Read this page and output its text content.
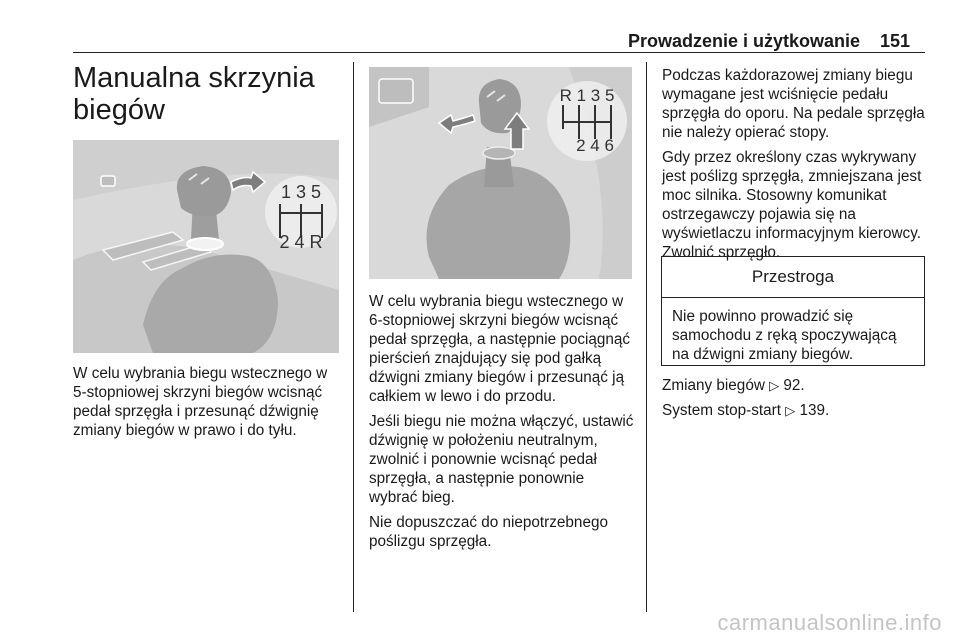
Prowadzenie i użytkowanie 151
Manualna skrzynia biegów
1 3 5
2 4 R
W celu wybrania biegu wstecznego w 5-stopniowej skrzyni biegów wcisnąć pedał sprzęgła i przesunąć dźwignię zmiany biegów w prawo i do tyłu.
R 1 3 5
2 4 6

W celu wybrania biegu wstecznego w 6-stopniowej skrzyni biegów wcisnąć pedał sprzęgła, a następnie pociągnąć pierścień znajdujący się pod gałką dźwigni zmiany biegów i przesunąć ją całkiem w lewo i do przodu.

Jeśli biegu nie można włączyć, ustawić dźwignię w położeniu neutralnym, zwolnić i ponownie wcisnąć pedał sprzęgła, a następnie ponownie wybrać bieg.

Nie dopuszczać do niepotrzebnego poślizgu sprzęgła.

Podczas każdorazowej zmiany biegu wymagane jest wciśnięcie pedału sprzęgła do oporu. Na pedale sprzęgła nie należy opierać stopy.

Gdy przez określony czas wykrywany jest poślizg sprzęgła, zmniejszana jest moc silnika. Stosowny komunikat ostrzegawczy pojawia się na wyświetlaczu informacyjnym kierowcy. Zwolnić sprzęgło.

Przestroga
Nie powinno prowadzić się samochodu z ręką spoczywającą na dźwigni zmiany biegów.

Zmiany biegów ▷ 92.

System stop-start ▷ 139.

carmanualsonline.info
